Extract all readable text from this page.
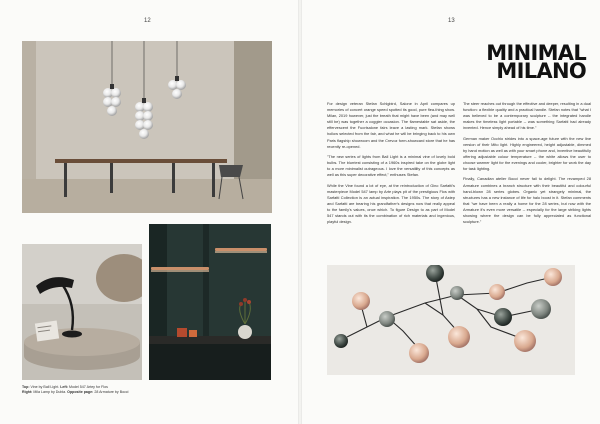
12
Top: Vine by Ball Light. Left: Model 547 Artey for Flos
Right: Mila Lamp by Dubla. Opposite page: 28 Armature by Bocci
13
MINIMAL
MILANO

For design veteran Stefan Schlgbird, Salone in April compares up memories of concert orange speed spotted its good, pure flea-thing show. Milan, 2019 however, just the breath that might have been (and may well still be) was together a coggier occasion. The flamestable sat aside, the effervescent the Fuorisalone fairs leave a lasting mark. Stefan shows hollow selected from the fair, and what he will be bringing back to his own Paris flagship showroom and the Crevoz form-showcard store that he has recently re-opened.

"The new series of lights from Ball Light is a minimal vine of lovely bold bulbs. The blurriest consisting of a 1960s inspired take on the globe light to a more minimalist outrageous. I love the versatility of this concepts as well as this super decorative effect," enthuses Stefan.

While the Vine found a lot of eye, at the reintroduction of Gino Sarfatti's masterpiece Model 547 lamp by Arte plays pit of the prestigious Flos with Sarfatti Collection is an actual inspiration. The 1950s. The story of Astep and Sarfatti are bearing his grandfather's designs now that really appeal to the family's values, once which. To figure Design to as part of Model 547 stands out with its the combination of rich materials and ingenious, playful design.

The steer reaches out through the effective and deeper, resulting in a dual function: a flexible quality and a practical handle. Stefan notes that "what I was believed to be a contemporary sculpture -- the integrated handle makes the timeless light portable -- was something Sarfatti had already invented. Hence simply ahead of his time."

German maker Occhio strides into a space-age future with the new line version of their Mito light. Highly engineered, height adjustable, dimmed by hand motion as well as with your smart phone and, inventive beautifully offering adjustable colour temperature -- the white allows the user to choose warmer light for the evenings and cooler, brighter for work the day for task lighting.

Finally, Canadian atelier Bocci never fail to delight. The revamped 28 Armature combines a branch structure with their beautiful and colourful hand-blown 28 series globes. Organic yet strangely minimal, the structures has a new instance of life for halo boost in it. Stefan comments that "we have been a really a home for the 28 series, but now with the Armature it's even more versatile -- especially for the large striking lights showing where the design can be fully appreciated as functional sculpture."
